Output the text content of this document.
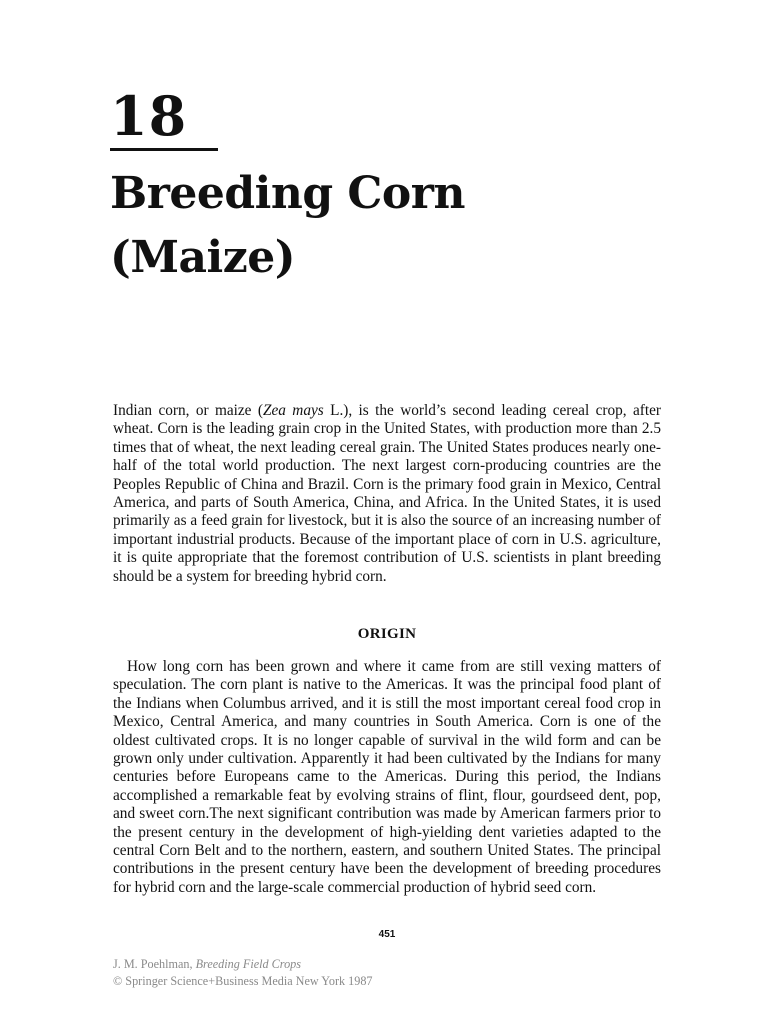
18
Breeding Corn
(Maize)
Indian corn, or maize (Zea mays L.), is the world’s second leading cereal crop, after wheat. Corn is the leading grain crop in the United States, with production more than 2.5 times that of wheat, the next leading cereal grain. The United States produces nearly one-half of the total world production. The next largest corn-producing countries are the Peoples Republic of China and Brazil. Corn is the primary food grain in Mexico, Central America, and parts of South America, China, and Africa. In the United States, it is used primarily as a feed grain for livestock, but it is also the source of an increasing number of important industrial products. Because of the important place of corn in U.S. agriculture, it is quite appropriate that the foremost contribution of U.S. scientists in plant breeding should be a system for breeding hybrid corn.
ORIGIN
How long corn has been grown and where it came from are still vexing matters of speculation. The corn plant is native to the Americas. It was the principal food plant of the Indians when Columbus arrived, and it is still the most important cereal food crop in Mexico, Central America, and many countries in South America. Corn is one of the oldest cultivated crops. It is no longer capable of survival in the wild form and can be grown only under cultivation. Apparently it had been cultivated by the Indians for many centuries before Europeans came to the Americas. During this period, the Indians accomplished a remarkable feat by evolving strains of flint, flour, gourdseed dent, pop, and sweet corn.The next significant contribution was made by American farmers prior to the present century in the development of high-yielding dent varieties adapted to the central Corn Belt and to the northern, eastern, and southern United States. The principal contributions in the present century have been the development of breeding procedures for hybrid corn and the large-scale commercial production of hybrid seed corn.
451
J. M. Poehlman, Breeding Field Crops
© Springer Science+Business Media New York 1987
